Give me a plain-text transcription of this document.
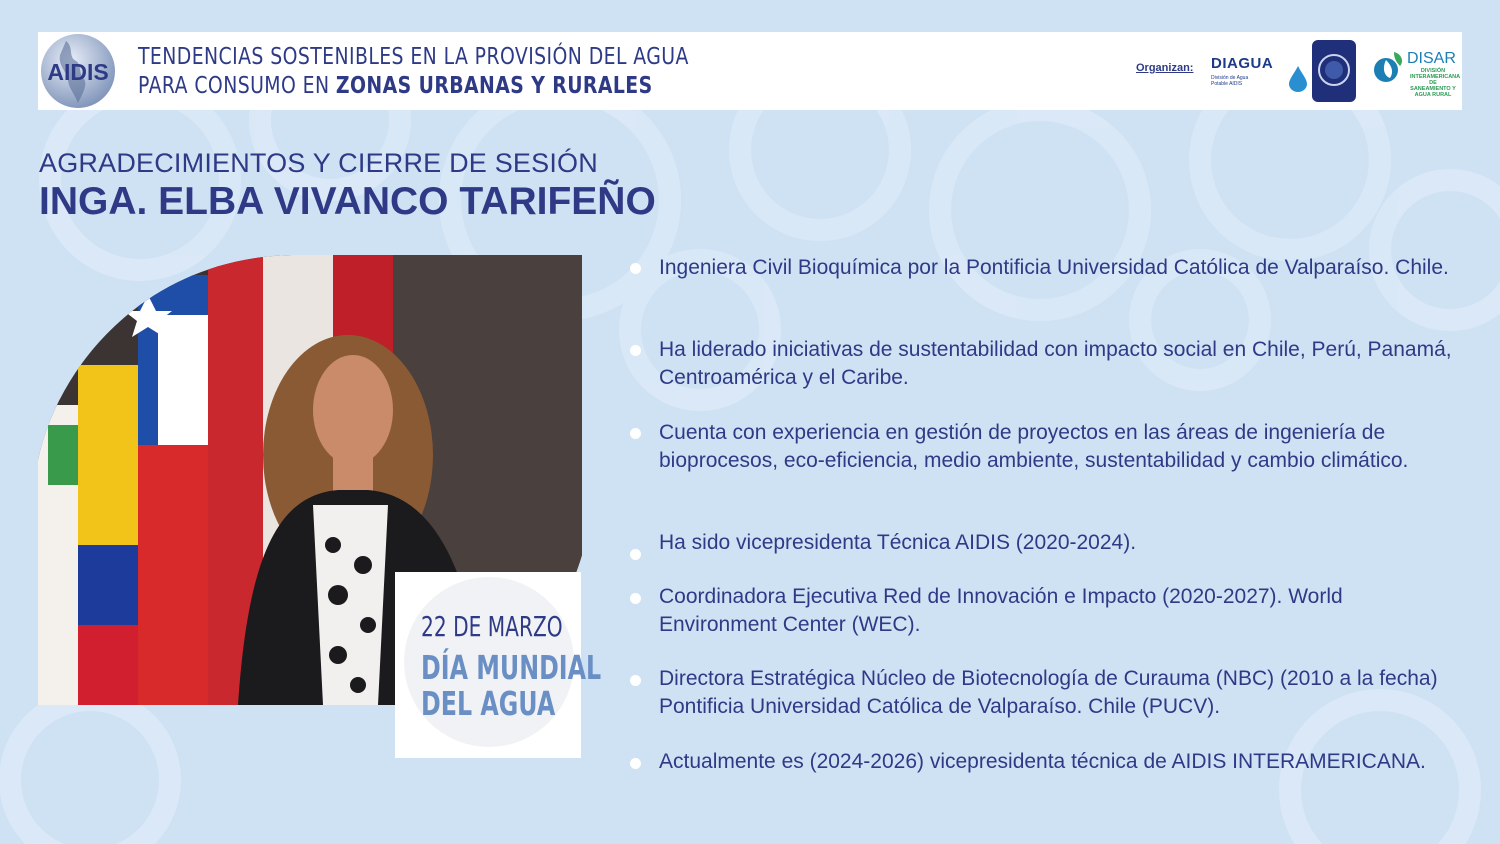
AIDIS
TENDENCIAS SOSTENIBLES EN LA PROVISIÓN DEL AGUA
PARA CONSUMO EN ZONAS URBANAS Y RURALES
Organizan: DIAGUA
División de Agua Potable AIDIS
DISAR
DIVISIÓN INTERAMERICANA DE SANEAMIENTO Y AGUA RURAL
AGRADECIMIENTOS Y CIERRE DE SESIÓN
INGA. ELBA VIVANCO TARIFEÑO
22 DE MARZO
DÍA MUNDIAL
DEL AGUA
Ingeniera Civil Bioquímica por la Pontificia Universidad Católica de Valparaíso. Chile.
Ha liderado iniciativas de sustentabilidad con impacto social en Chile, Perú, Panamá, Centroamérica y el Caribe.
Cuenta con experiencia en gestión de proyectos en las áreas de ingeniería de bioprocesos, eco-eficiencia, medio ambiente, sustentabilidad y cambio climático.
Ha sido vicepresidenta Técnica AIDIS (2020-2024).
Coordinadora Ejecutiva Red de Innovación e Impacto (2020-2027). World Environment Center (WEC).
Directora Estratégica Núcleo de Biotecnología de Curauma (NBC) (2010 a la fecha) Pontificia Universidad Católica de Valparaíso. Chile (PUCV).
Actualmente es (2024-2026) vicepresidenta técnica de AIDIS INTERAMERICANA.
